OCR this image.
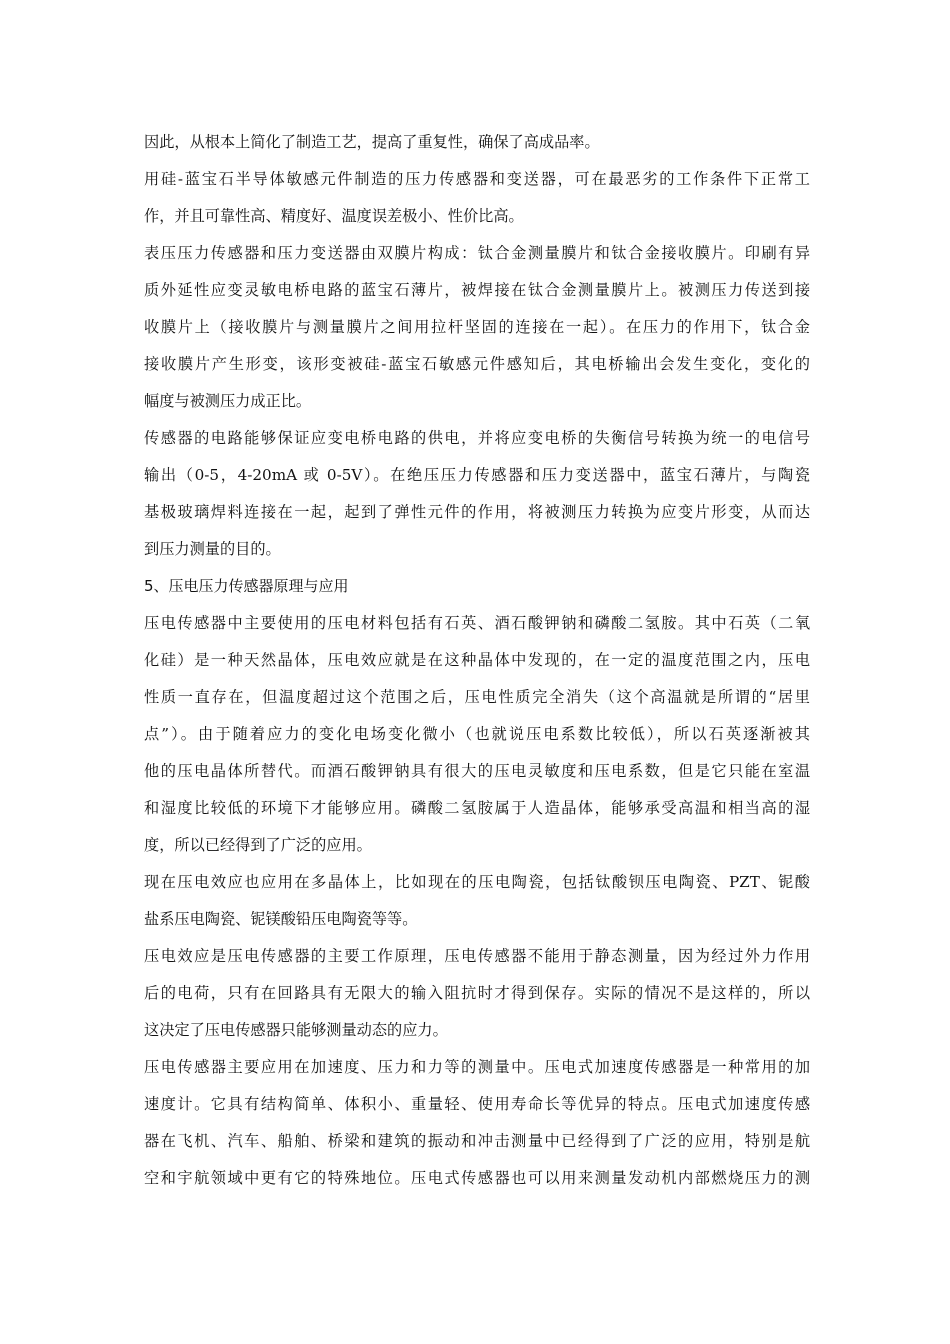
因此，从根本上简化了制造工艺，提高了重复性，确保了高成品率。
用硅-蓝宝石半导体敏感元件制造的压力传感器和变送器，可在最恶劣的工作条件下正常工
作，并且可靠性高、精度好、温度误差极小、性价比高。
表压压力传感器和压力变送器由双膜片构成：钛合金测量膜片和钛合金接收膜片。印刷有异
质外延性应变灵敏电桥电路的蓝宝石薄片，被焊接在钛合金测量膜片上。被测压力传送到接
收膜片上（接收膜片与测量膜片之间用拉杆坚固的连接在一起）。在压力的作用下，钛合金
接收膜片产生形变，该形变被硅-蓝宝石敏感元件感知后，其电桥输出会发生变化，变化的
幅度与被测压力成正比。
传感器的电路能够保证应变电桥电路的供电，并将应变电桥的失衡信号转换为统一的电信号
输出（0-5，4-20mA 或 0-5V）。在绝压压力传感器和压力变送器中，蓝宝石薄片，与陶瓷
基极玻璃焊料连接在一起，起到了弹性元件的作用，将被测压力转换为应变片形变，从而达
到压力测量的目的。
5、压电压力传感器原理与应用
压电传感器中主要使用的压电材料包括有石英、酒石酸钾钠和磷酸二氢胺。其中石英（二氧
化硅）是一种天然晶体，压电效应就是在这种晶体中发现的，在一定的温度范围之内，压电
性质一直存在，但温度超过这个范围之后，压电性质完全消失（这个高温就是所谓的“居里
点”）。由于随着应力的变化电场变化微小（也就说压电系数比较低），所以石英逐渐被其
他的压电晶体所替代。而酒石酸钾钠具有很大的压电灵敏度和压电系数，但是它只能在室温
和湿度比较低的环境下才能够应用。磷酸二氢胺属于人造晶体，能够承受高温和相当高的湿
度，所以已经得到了广泛的应用。
现在压电效应也应用在多晶体上，比如现在的压电陶瓷，包括钛酸钡压电陶瓷、PZT、铌酸
盐系压电陶瓷、铌镁酸铅压电陶瓷等等。
压电效应是压电传感器的主要工作原理，压电传感器不能用于静态测量，因为经过外力作用
后的电荷，只有在回路具有无限大的输入阻抗时才得到保存。实际的情况不是这样的，所以
这决定了压电传感器只能够测量动态的应力。
压电传感器主要应用在加速度、压力和力等的测量中。压电式加速度传感器是一种常用的加
速度计。它具有结构简单、体积小、重量轻、使用寿命长等优异的特点。压电式加速度传感
器在飞机、汽车、船舶、桥梁和建筑的振动和冲击测量中已经得到了广泛的应用，特别是航
空和宇航领域中更有它的特殊地位。压电式传感器也可以用来测量发动机内部燃烧压力的测
